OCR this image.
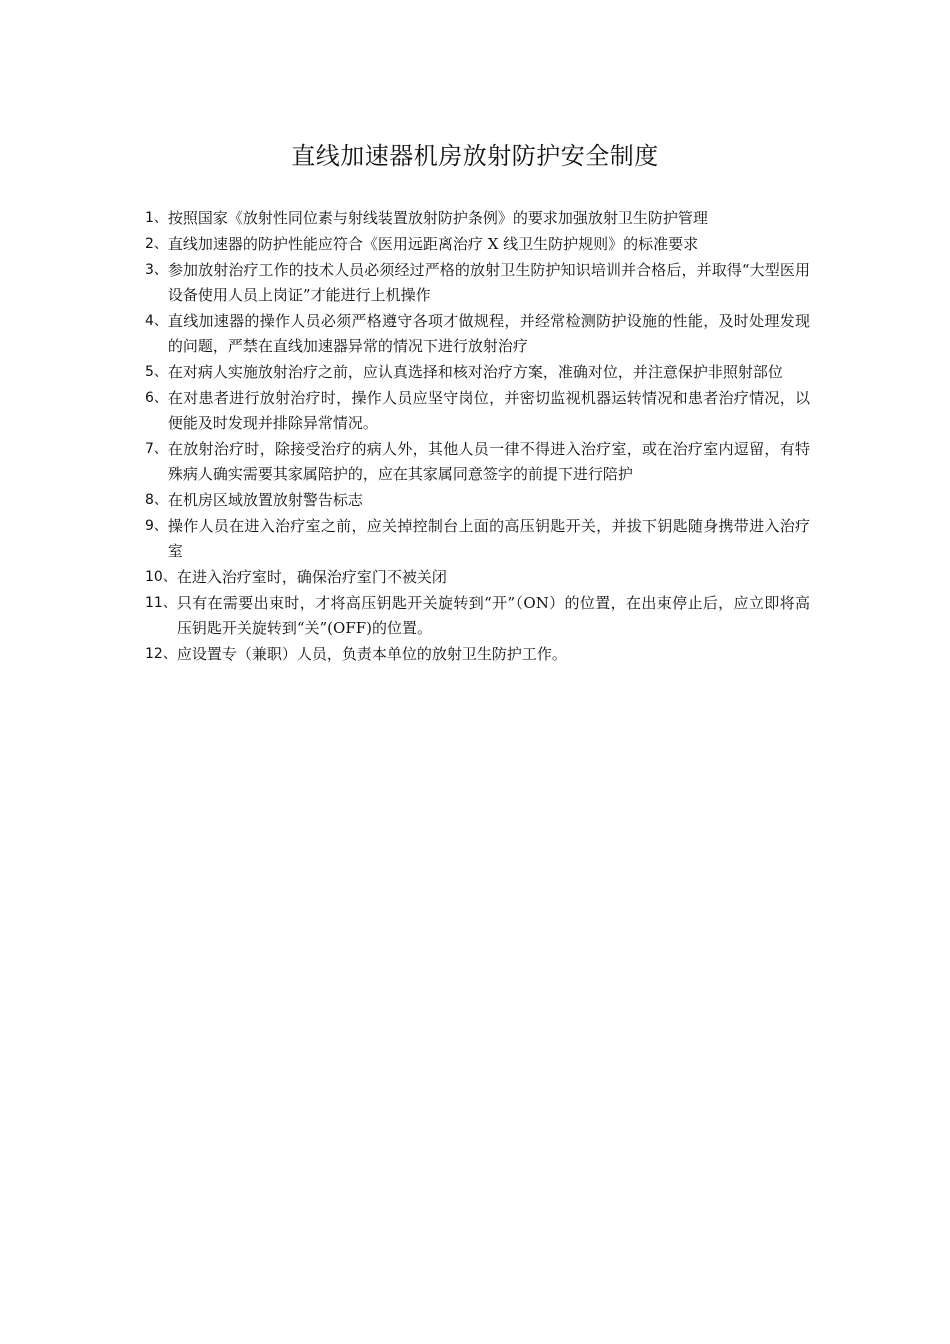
直线加速器机房放射防护安全制度
1、 按照国家《放射性同位素与射线装置放射防护条例》的要求加强放射卫生防护管理
2、 直线加速器的防护性能应符合《医用远距离治疗 X 线卫生防护规则》的标准要求
3、 参加放射治疗工作的技术人员必须经过严格的放射卫生防护知识培训并合格后，并取得“大型医用设备使用人员上岗证”才能进行上机操作
4、 直线加速器的操作人员必须严格遵守各项才做规程，并经常检测防护设施的性能，及时处理发现的问题，严禁在直线加速器异常的情况下进行放射治疗
5、 在对病人实施放射治疗之前，应认真选择和核对治疗方案，准确对位，并注意保护非照射部位
6、 在对患者进行放射治疗时，操作人员应坚守岗位，并密切监视机器运转情况和患者治疗情况，以便能及时发现并排除异常情况。
7、 在放射治疗时，除接受治疗的病人外，其他人员一律不得进入治疗室，或在治疗室内逗留，有特殊病人确实需要其家属陪护的，应在其家属同意签字的前提下进行陪护
8、 在机房区域放置放射警告标志
9、 操作人员在进入治疗室之前，应关掉控制台上面的高压钥匙开关，并拔下钥匙随身携带进入治疗室
10、 在进入治疗室时，确保治疗室门不被关闭
11、 只有在需要出束时，才将高压钥匙开关旋转到“开”（ON）的位置，在出束停止后，应立即将高压钥匙开关旋转到“关”(OFF)的位置。
12、 应设置专（兼职）人员，负责本单位的放射卫生防护工作。
